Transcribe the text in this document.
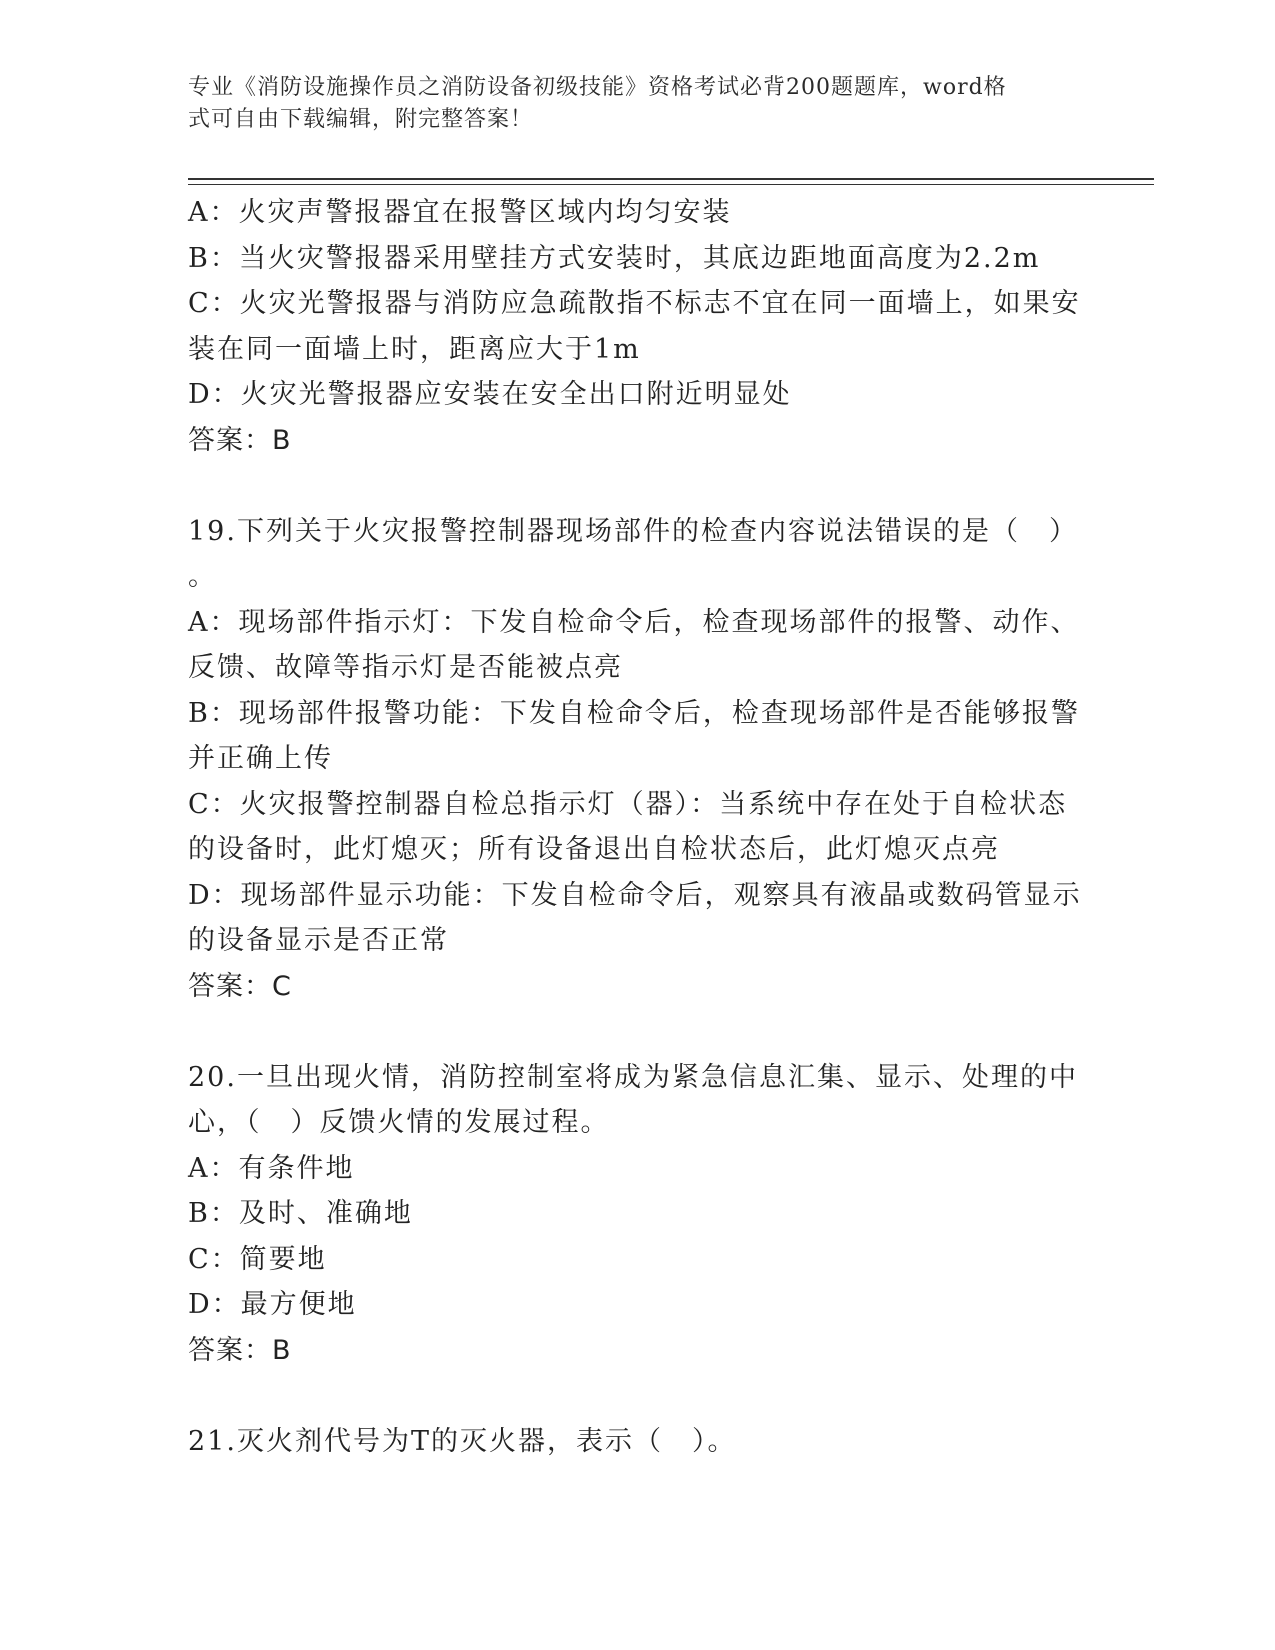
专业《消防设施操作员之消防设备初级技能》资格考试必背200题题库，word格
式可自由下载编辑，附完整答案！
A：火灾声警报器宜在报警区域内均匀安装
B：当火灾警报器采用壁挂方式安装时，其底边距地面高度为2.2m
C：火灾光警报器与消防应急疏散指不标志不宜在同一面墙上，如果安
装在同一面墙上时，距离应大于1m
D：火灾光警报器应安装在安全出口附近明显处
答案：B
19.下列关于火灾报警控制器现场部件的检查内容说法错误的是（　）
。
A：现场部件指示灯：下发自检命令后，检查现场部件的报警、动作、
反馈、故障等指示灯是否能被点亮
B：现场部件报警功能：下发自检命令后，检查现场部件是否能够报警
并正确上传
C：火灾报警控制器自检总指示灯（器）：当系统中存在处于自检状态
的设备时，此灯熄灭；所有设备退出自检状态后，此灯熄灭点亮
D：现场部件显示功能：下发自检命令后，观察具有液晶或数码管显示
的设备显示是否正常
答案：C
20.一旦出现火情，消防控制室将成为紧急信息汇集、显示、处理的中
心，（　）反馈火情的发展过程。
A：有条件地
B：及时、准确地
C：简要地
D：最方便地
答案：B
21.灭火剂代号为T的灭火器，表示（　）。
